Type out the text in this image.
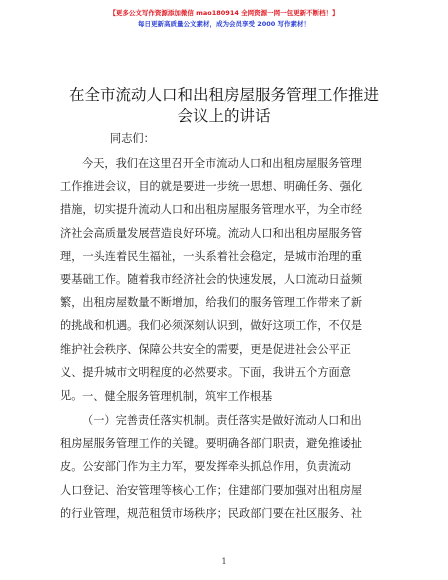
【更多公文写作资源添加微信 mao180914 全网资源一网一包更新不断档！】
每日更新高质量公文素材，成为会员享受 2000 写作素材！
在全市流动人口和出租房屋服务管理工作推进
会议上的讲话
同志们：
今天，我们在这里召开全市流动人口和出租房屋服务管理
工作推进会议，目的就是要进一步统一思想、明确任务、强化
措施，切实提升流动人口和出租房屋服务管理水平，为全市经
济社会高质量发展营造良好环境。流动人口和出租房屋服务管
理，一头连着民生福祉，一头系着社会稳定，是城市治理的重
要基础工作。随着我市经济社会的快速发展，人口流动日益频
繁，出租房屋数量不断增加，给我们的服务管理工作带来了新
的挑战和机遇。我们必须深刻认识到，做好这项工作，不仅是
维护社会秩序、保障公共安全的需要，更是促进社会公平正
义、提升城市文明程度的必然要求。下面，我讲五个方面意
见。 一、健全服务管理机制，筑牢工作根基
（一）完善责任落实机制。责任落实是做好流动人口和出
租房屋服务管理工作的关键。要明确各部门职责，避免推诿扯
皮。公安部门作为主力军，要发挥牵头抓总作用，负责流动
人口登记、治安管理等核心工作；住建部门要加强对出租房屋
的行业管理，规范租赁市场秩序；民政部门要在社区服务、社
1
